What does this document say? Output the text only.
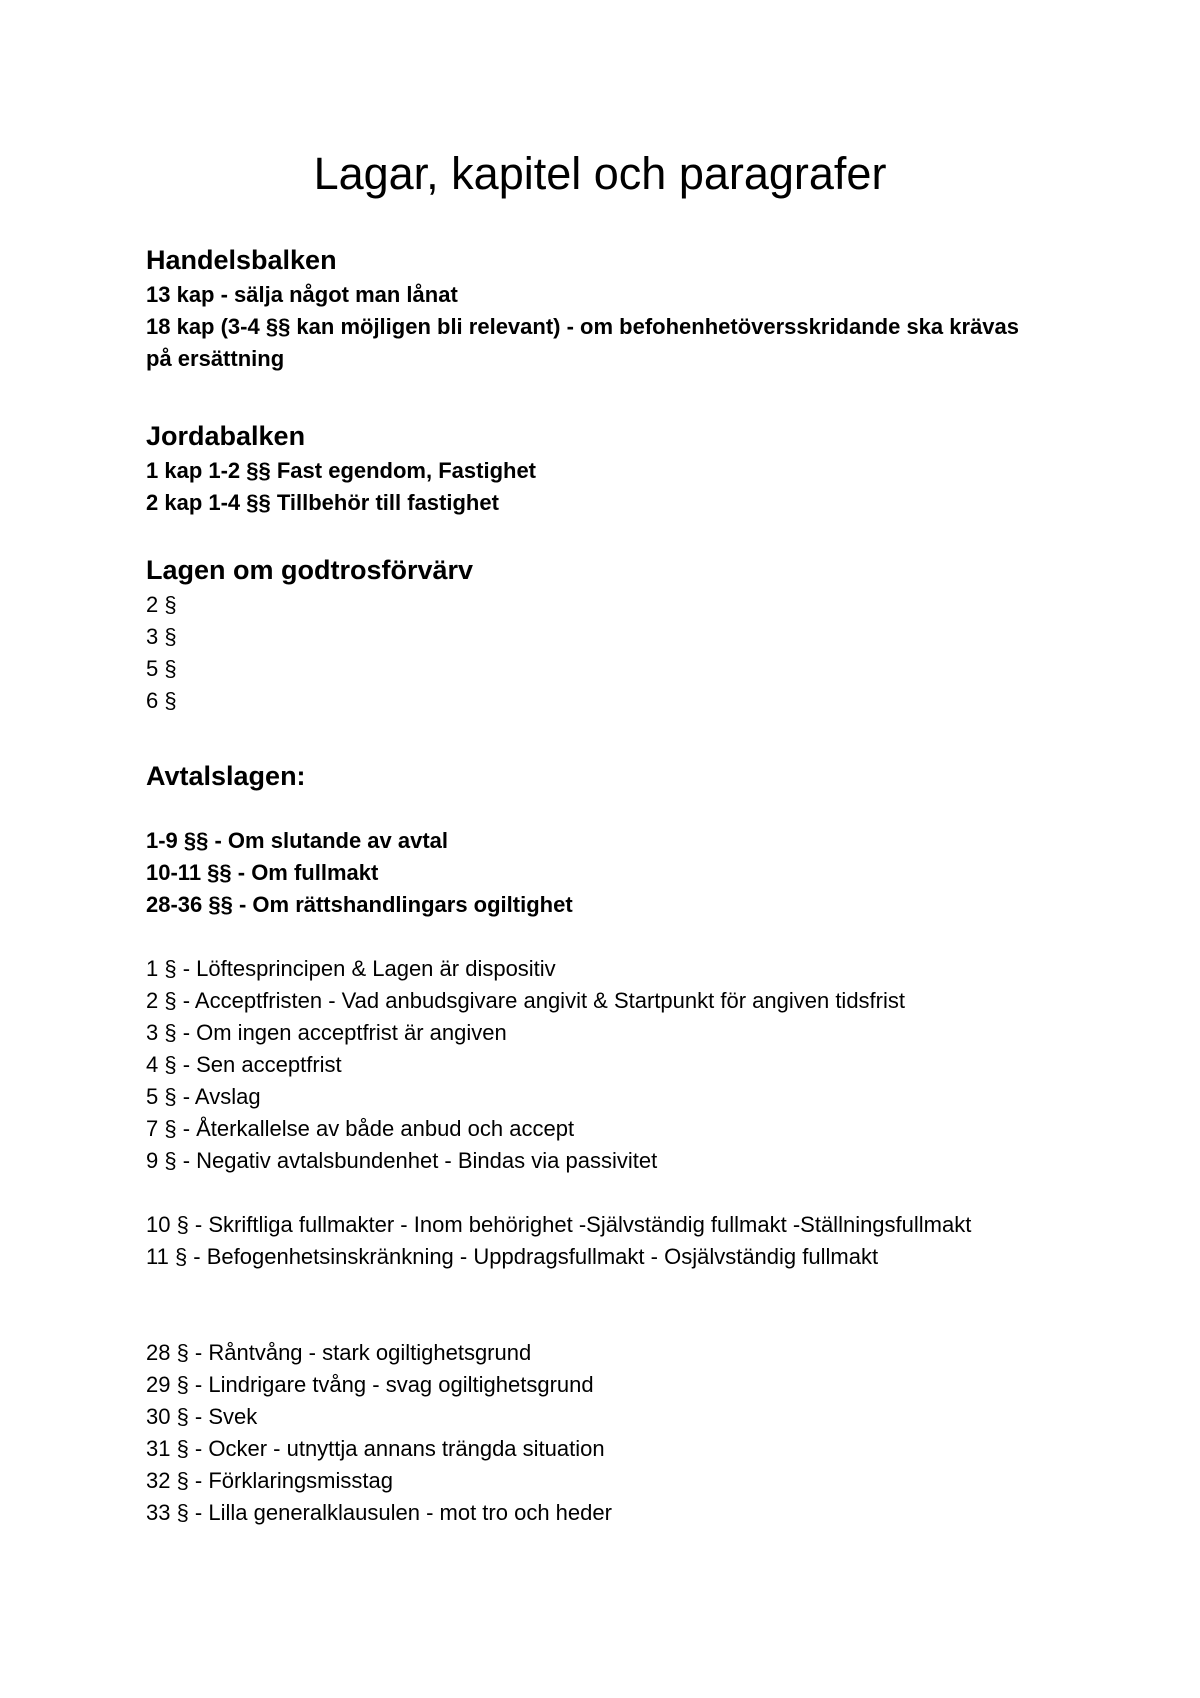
Lagar, kapitel och paragrafer
Handelsbalken

13 kap - sälja något man lånat

18 kap (3-4 §§ kan möjligen bli relevant) - om befohenhetöversskridande ska krävas på ersättning

Jordabalken

1 kap 1-2 §§ Fast egendom, Fastighet

2 kap 1-4 §§ Tillbehör till fastighet

Lagen om godtrosförvärv

2 §

3 §

5 §

6 §

Avtalslagen:

1-9 §§ - Om slutande av avtal

10-11 §§ - Om fullmakt

28-36 §§ - Om rättshandlingars ogiltighet

1 § - Löftesprincipen & Lagen är dispositiv

2 § - Acceptfristen - Vad anbudsgivare angivit & Startpunkt för angiven tidsfrist

3 § - Om ingen acceptfrist är angiven

4 § - Sen acceptfrist

5 § - Avslag

7 § - Återkallelse av både anbud och accept

9 § - Negativ avtalsbundenhet - Bindas via passivitet

10 § - Skriftliga fullmakter - Inom behörighet -Självständig fullmakt -Ställningsfullmakt

11 § - Befogenhetsinskränkning - Uppdragsfullmakt - Osjälvständig fullmakt

28 § - Råntvång - stark ogiltighetsgrund

29 § - Lindrigare tvång - svag ogiltighetsgrund

30 § - Svek

31 § - Ocker - utnyttja annans trängda situation

32 § - Förklaringsmisstag

33 § - Lilla generalklausulen - mot tro och heder
